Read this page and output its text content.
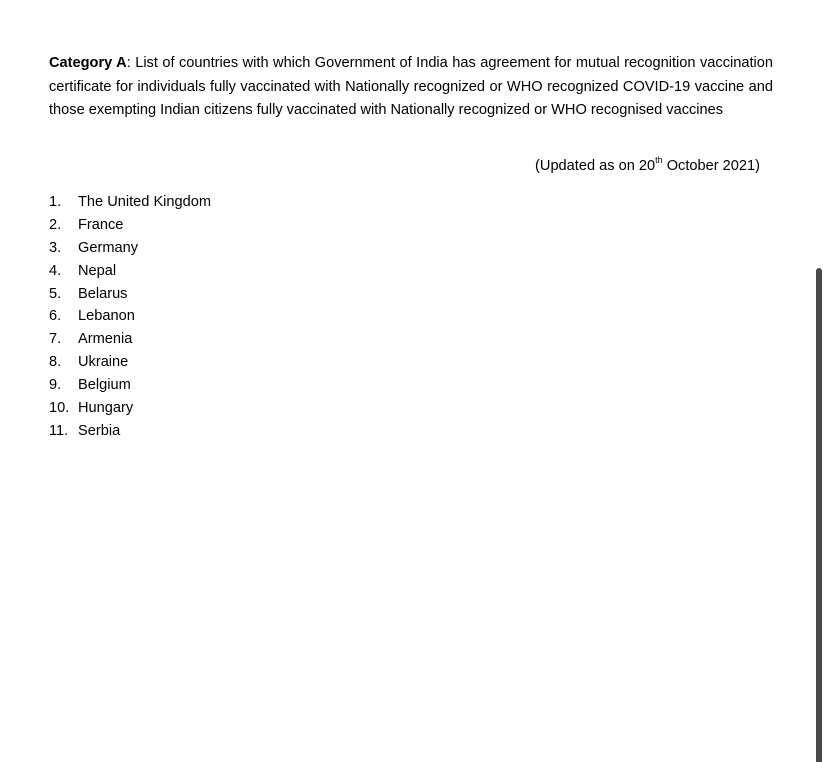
Category A: List of countries with which Government of India has agreement for mutual recognition vaccination certificate for individuals fully vaccinated with Nationally recognized or WHO recognized COVID-19 vaccine and those exempting Indian citizens fully vaccinated with Nationally recognized or WHO recognised vaccines

(Updated as on 20th October 2021)
1. The United Kingdom
2. France
3. Germany
4. Nepal
5. Belarus
6. Lebanon
7. Armenia
8. Ukraine
9. Belgium
10. Hungary
11. Serbia
